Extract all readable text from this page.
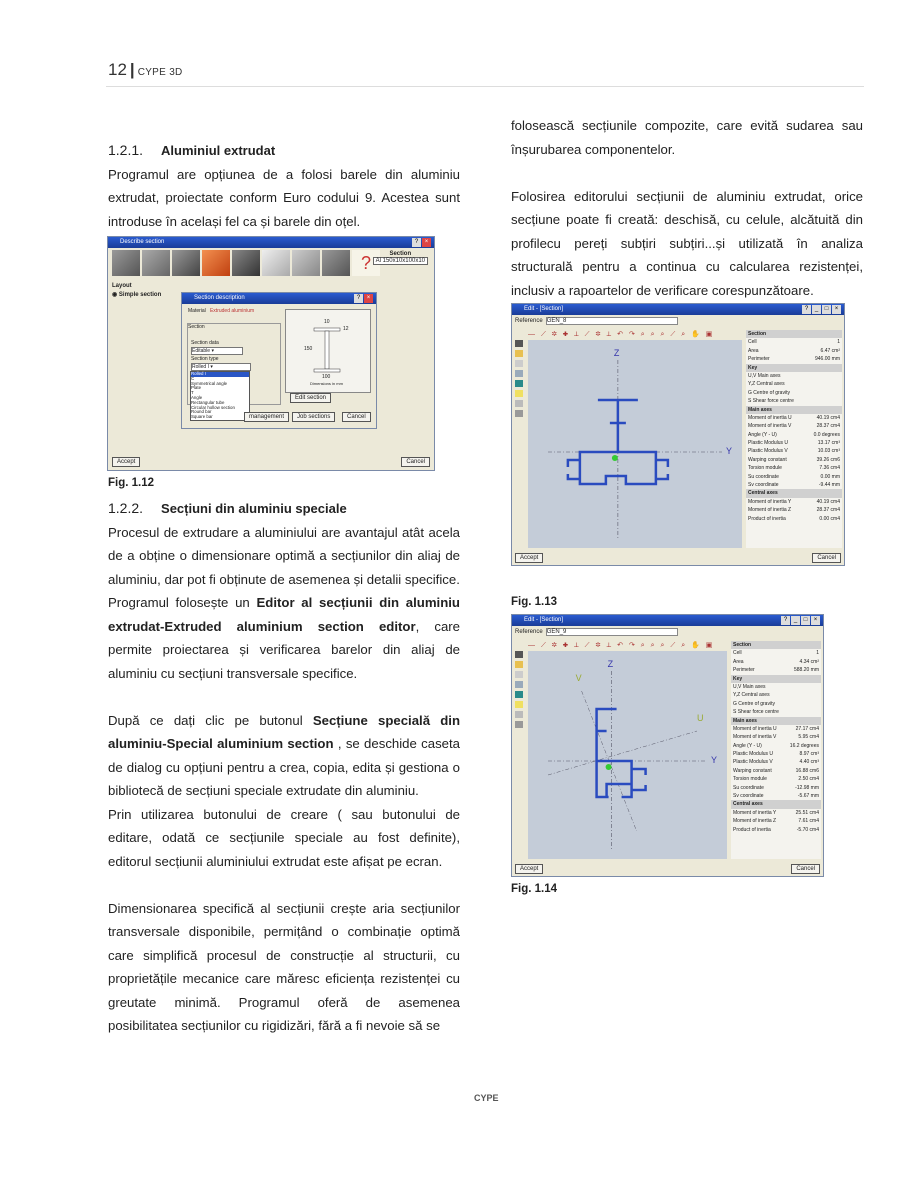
12 | CYPE 3D

1.2.1. Aluminiul extrudat

Programul are opțiunea de a folosi barele din aluminiu extrudat, proiectate conform Euro codului 9. Acestea sunt introduse în același fel ca și barele din oțel.

Describe section	?	×
?	Section
Al 150x10x100x10
Layout
◉ Simple section	Section description	?	×
Material Extruded aluminium
Section
Section data
Editable ▾
Section type
Rolled I ▾
Rolled I
C
Symmetrical angle
Plate
T
Angle
Rectangular tube
Circular hollow section
Round bar
Square bar
10
12
150
100
Dimensions in mm
Edit section
management	Job sections	Cancel
Accept	Cancel
Fig. 1.12

1.2.2. Secțiuni din aluminiu speciale

Procesul de extrudare a aluminiului are avantajul atât acela de a obține o dimensionare optimă a secțiunilor din aliaj de aluminiu, dar pot fi obținute de asemenea și detalii specifice.

Programul folosește un Editor al secțiunii din aluminiu extrudat-Extruded aluminium section editor, care permite proiectarea și verificarea barelor din aliaj de aluminiu cu secțiuni transversale specifice.

După ce dați clic pe butonul Secțiune specială din aluminiu-Special aluminium section , se deschide caseta de dialog cu opțiuni pentru a crea, copia, edita și gestiona o bibliotecă de secțiuni speciale extrudate din aluminiu.

Prin utilizarea butonului de creare ( sau butonului de editare, odată ce secțiunile speciale au fost definite), editorul secțiunii aluminiului extrudat este afișat pe ecran.

Dimensionarea specifică al secțiunii crește aria secțiunilor transversale disponibile, permițând o combinație optimă care simplifică procesul de construcție al structurii, cu proprietățile mecanice care măresc eficiența rezistenței cu greutate minimă. Programul oferă de asemenea posibilitatea secțiunilor cu rigidizări, fără a fi nevoie să se

folosească secțiunile compozite, care evită sudarea sau înșurubarea componentelor.

Folosirea editorului secțiunii de aluminiu extrudat, orice secțiune poate fi creată: deschisă, cu celule, alcătuită din profilecu pereți subțiri subțiri...și utilizată în analiza structurală pentru a continua cu calcularea rezistenței, inclusiv a rapoartelor de verificare corespunzătoare.

Edit - [Section]	?	_	□	×
Reference GEN_8
— ⟋ ✲ ✚ ⊥ ⟋ ✲ ⊥ ↶ ↷ ⌕ ⌕ ⌕ ⟋ ⌕ ✋ ▣
Z
Y
Section
Cell	1
Area	6.47 cm²
Perimeter	946.00 mm
Key
U,V Main axes
Y,Z Central axes
G Centre of gravity
S Shear force centre
Main axes
Moment of inertia U	40.19 cm4
Moment of inertia V	28.37 cm4
Angle (Y - U)	0.0 degrees
Plastic Modulus U	13.17 cm³
Plastic Modulus V	10.03 cm³
Warping constant	39.26 cm6
Torsion module	7.36 cm4
Su coordinate	0.00 mm
Sv coordinate	-9.44 mm
Central axes
Moment of inertia Y	40.19 cm4
Moment of inertia Z	28.37 cm4
Product of inertia	0.00 cm4
Accept	Cancel
Fig. 1.13
Edit - [Section]	?	_	□	×
Reference GEN_9
— ⟋ ✲ ✚ ⊥ ⟋ ✲ ⊥ ↶ ↷ ⌕ ⌕ ⌕ ⟋ ⌕ ✋ ▣
Z
Y
U
V
Section
Cell	1
Area	4.34 cm²
Perimeter	588.20 mm
Key
U,V Main axes
Y,Z Central axes
G Centre of gravity
S Shear force centre
Main axes
Moment of inertia U	27.17 cm4
Moment of inertia V	5.95 cm4
Angle (Y - U)	16.2 degrees
Plastic Modulus U	8.97 cm³
Plastic Modulus V	4.40 cm³
Warping constant	16.88 cm6
Torsion module	2.50 cm4
Su coordinate	-12.98 mm
Sv coordinate	-5.67 mm
Central axes
Moment of inertia Y	25.51 cm4
Moment of inertia Z	7.61 cm4
Product of inertia	-5.70 cm4
Accept	Cancel
Fig. 1.14
CYPE
